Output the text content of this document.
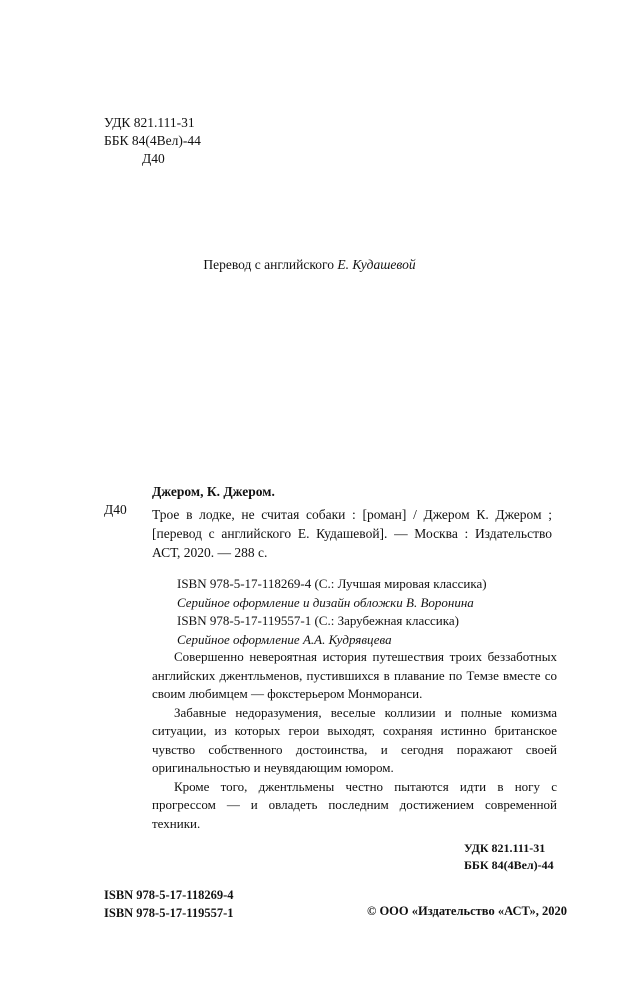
УДК 821.111-31
ББК 84(4Вел)-44
Д40
Перевод с английского Е. Кудашевой
Джером, К. Джером.
Д40 Трое в лодке, не считая собаки : [роман] / Джером К. Джером ; [перевод с английского Е. Кудашевой]. — Москва : Издательство АСТ, 2020. — 288 с.
ISBN 978-5-17-118269-4 (С.: Лучшая мировая классика)
Серийное оформление и дизайн обложки В. Воронина
ISBN 978-5-17-119557-1 (С.: Зарубежная классика)
Серийное оформление А.А. Кудрявцева

Совершенно невероятная история путешествия троих беззаботных английских джентльменов, пустившихся в плавание по Темзе вместе со своим любимцем — фокстерьером Монморанси.

Забавные недоразумения, веселые коллизии и полные комизма ситуации, из которых герои выходят, сохраняя истинно британское чувство собственного достоинства, и сегодня поражают своей оригинальностью и неувядающим юмором.

Кроме того, джентльмены честно пытаются идти в ногу с прогрессом — и овладеть последним достижением современной техники.

УДК 821.111-31
ББК 84(4Вел)-44
ISBN 978-5-17-118269-4
ISBN 978-5-17-119557-1	© ООО «Издательство «АСТ», 2020
